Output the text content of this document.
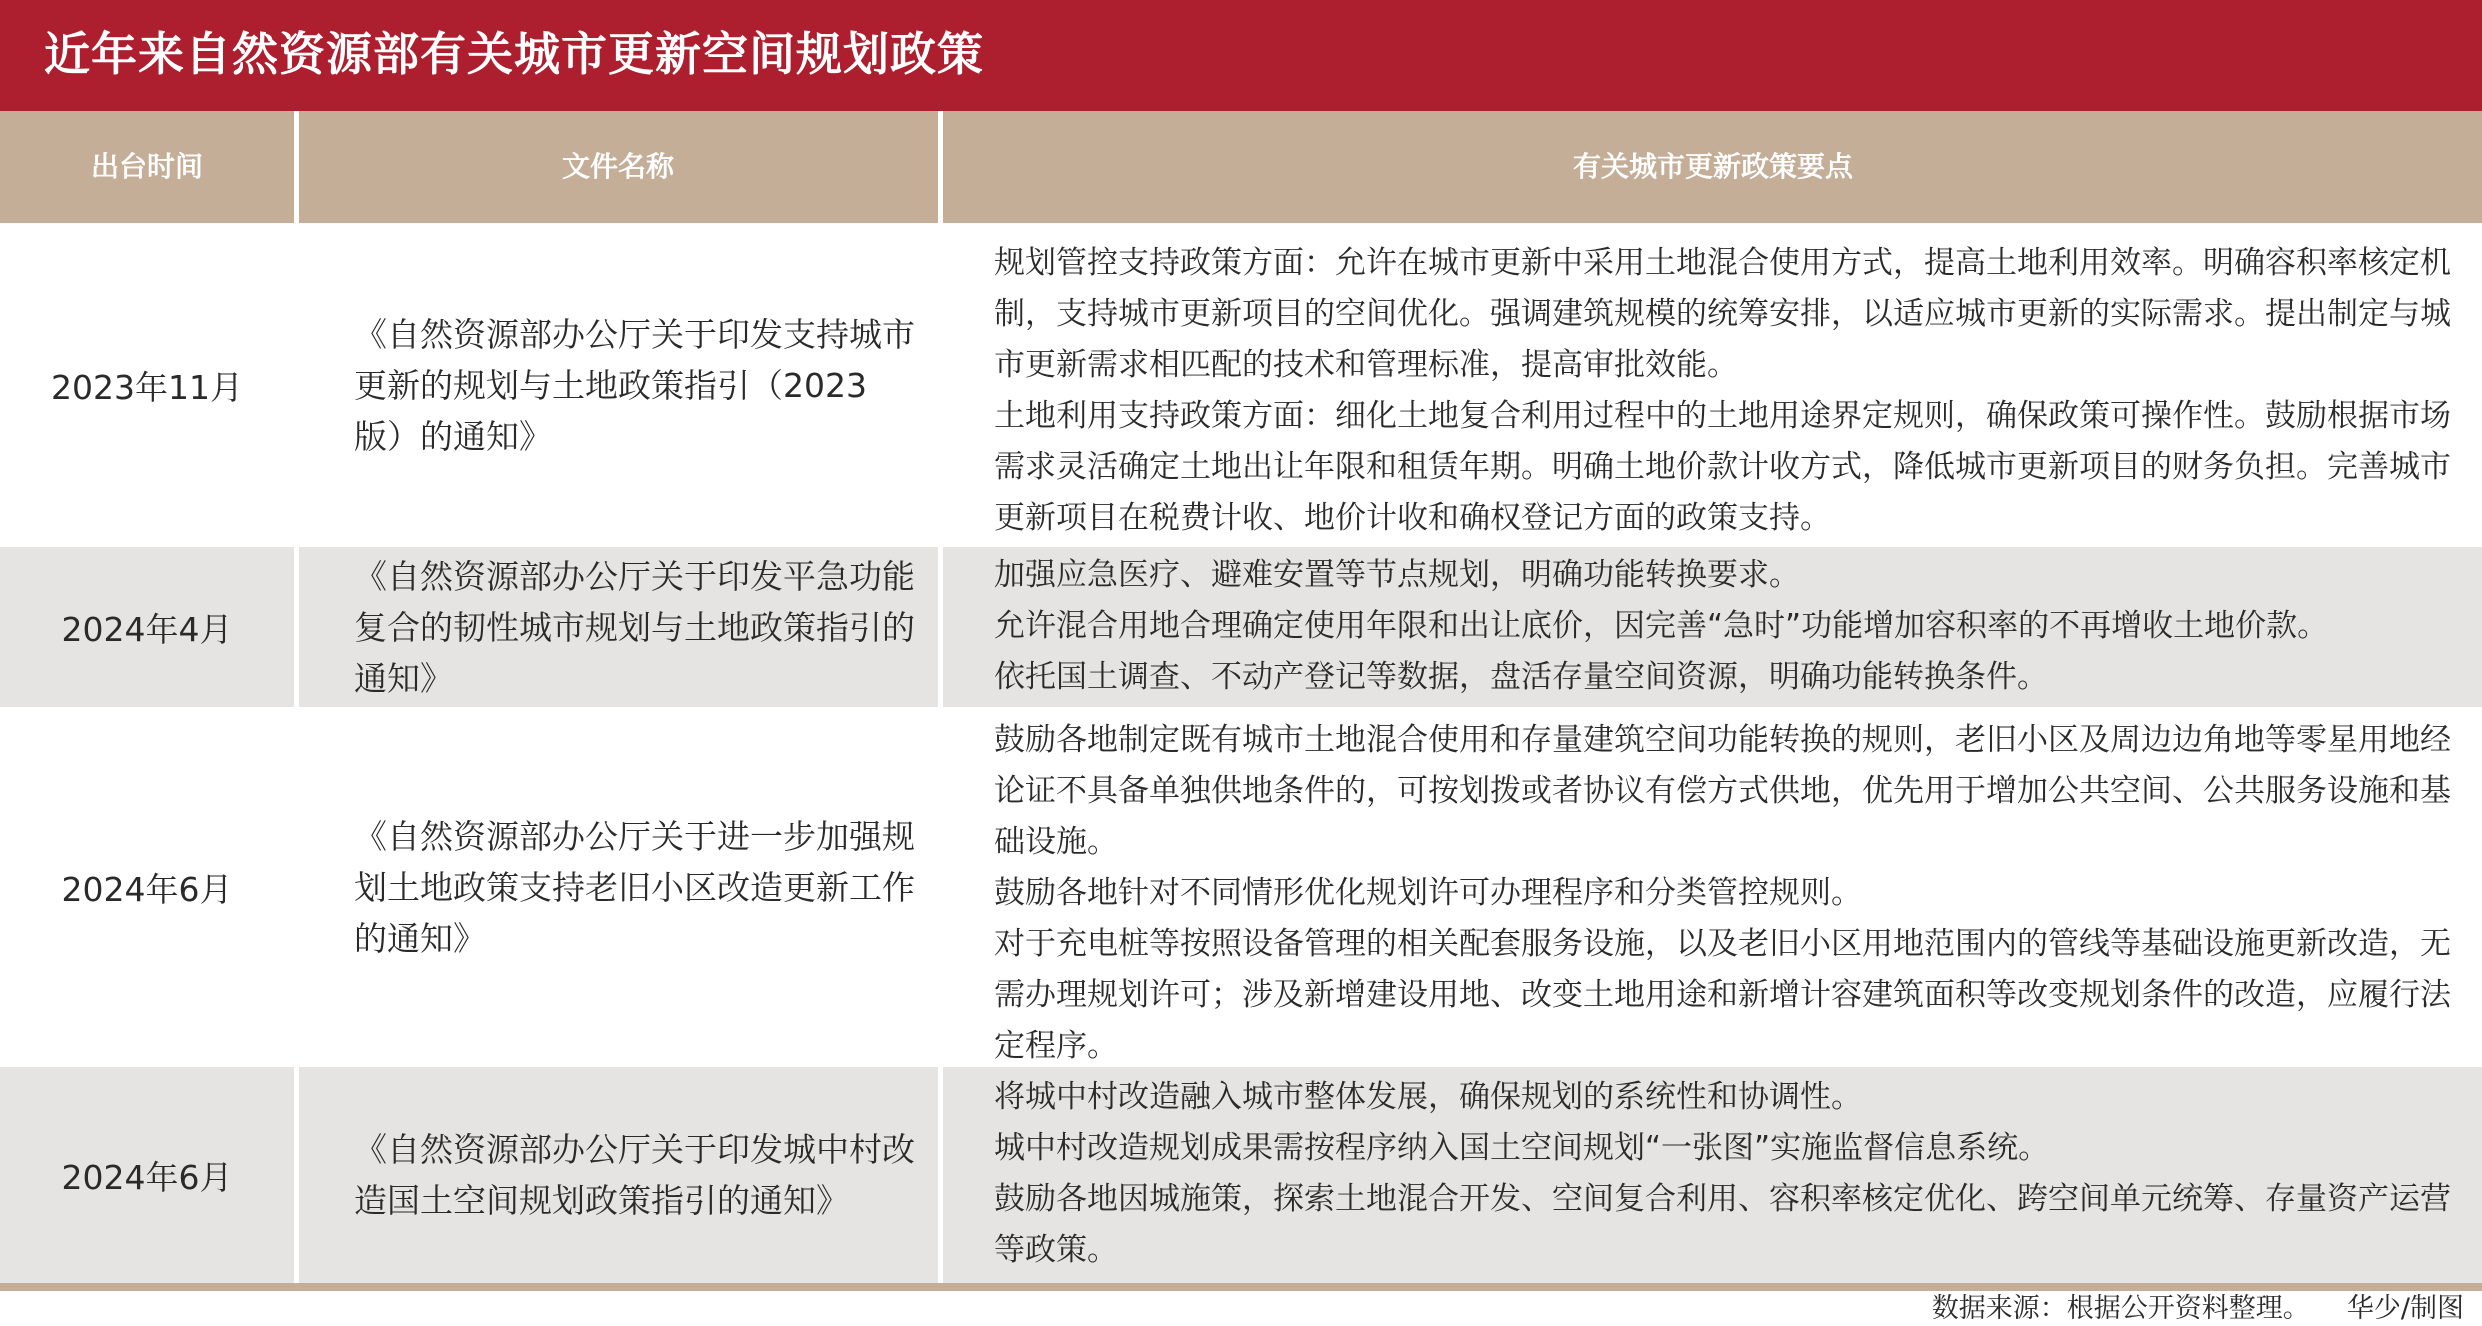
近年来自然资源部有关城市更新空间规划政策
出台时间	文件名称	有关城市更新政策要点
2023年11月
《自然资源部办公厅关于印发支持城市更新的规划与土地政策指引（2023版）的通知》

规划管控支持政策方面：允许在城市更新中采用土地混合使用方式，提高土地利用效率。明确容积率核定机制，支持城市更新项目的空间优化。强调建筑规模的统筹安排，以适应城市更新的实际需求。提出制定与城市更新需求相匹配的技术和管理标准，提高审批效能。

土地利用支持政策方面：细化土地复合利用过程中的土地用途界定规则，确保政策可操作性。鼓励根据市场需求灵活确定土地出让年限和租赁年期。明确土地价款计收方式，降低城市更新项目的财务负担。完善城市更新项目在税费计收、地价计收和确权登记方面的政策支持。

2024年4月
《自然资源部办公厅关于印发平急功能复合的韧性城市规划与土地政策指引的通知》

加强应急医疗、避难安置等节点规划，明确功能转换要求。

允许混合用地合理确定使用年限和出让底价，因完善“急时”功能增加容积率的不再增收土地价款。

依托国土调查、不动产登记等数据，盘活存量空间资源，明确功能转换条件。

2024年6月
《自然资源部办公厅关于进一步加强规划土地政策支持老旧小区改造更新工作的通知》

鼓励各地制定既有城市土地混合使用和存量建筑空间功能转换的规则，老旧小区及周边边角地等零星用地经论证不具备单独供地条件的，可按划拨或者协议有偿方式供地，优先用于增加公共空间、公共服务设施和基础设施。

鼓励各地针对不同情形优化规划许可办理程序和分类管控规则。

对于充电桩等按照设备管理的相关配套服务设施，以及老旧小区用地范围内的管线等基础设施更新改造，无需办理规划许可；涉及新增建设用地、改变土地用途和新增计容建筑面积等改变规划条件的改造，应履行法定程序。

2024年6月
《自然资源部办公厅关于印发城中村改造国土空间规划政策指引的通知》

将城中村改造融入城市整体发展，确保规划的系统性和协调性。

城中村改造规划成果需按程序纳入国土空间规划“一张图”实施监督信息系统。

鼓励各地因城施策，探索土地混合开发、空间复合利用、容积率核定优化、跨空间单元统筹、存量资产运营等政策。

数据来源：根据公开资料整理。 华少/制图
